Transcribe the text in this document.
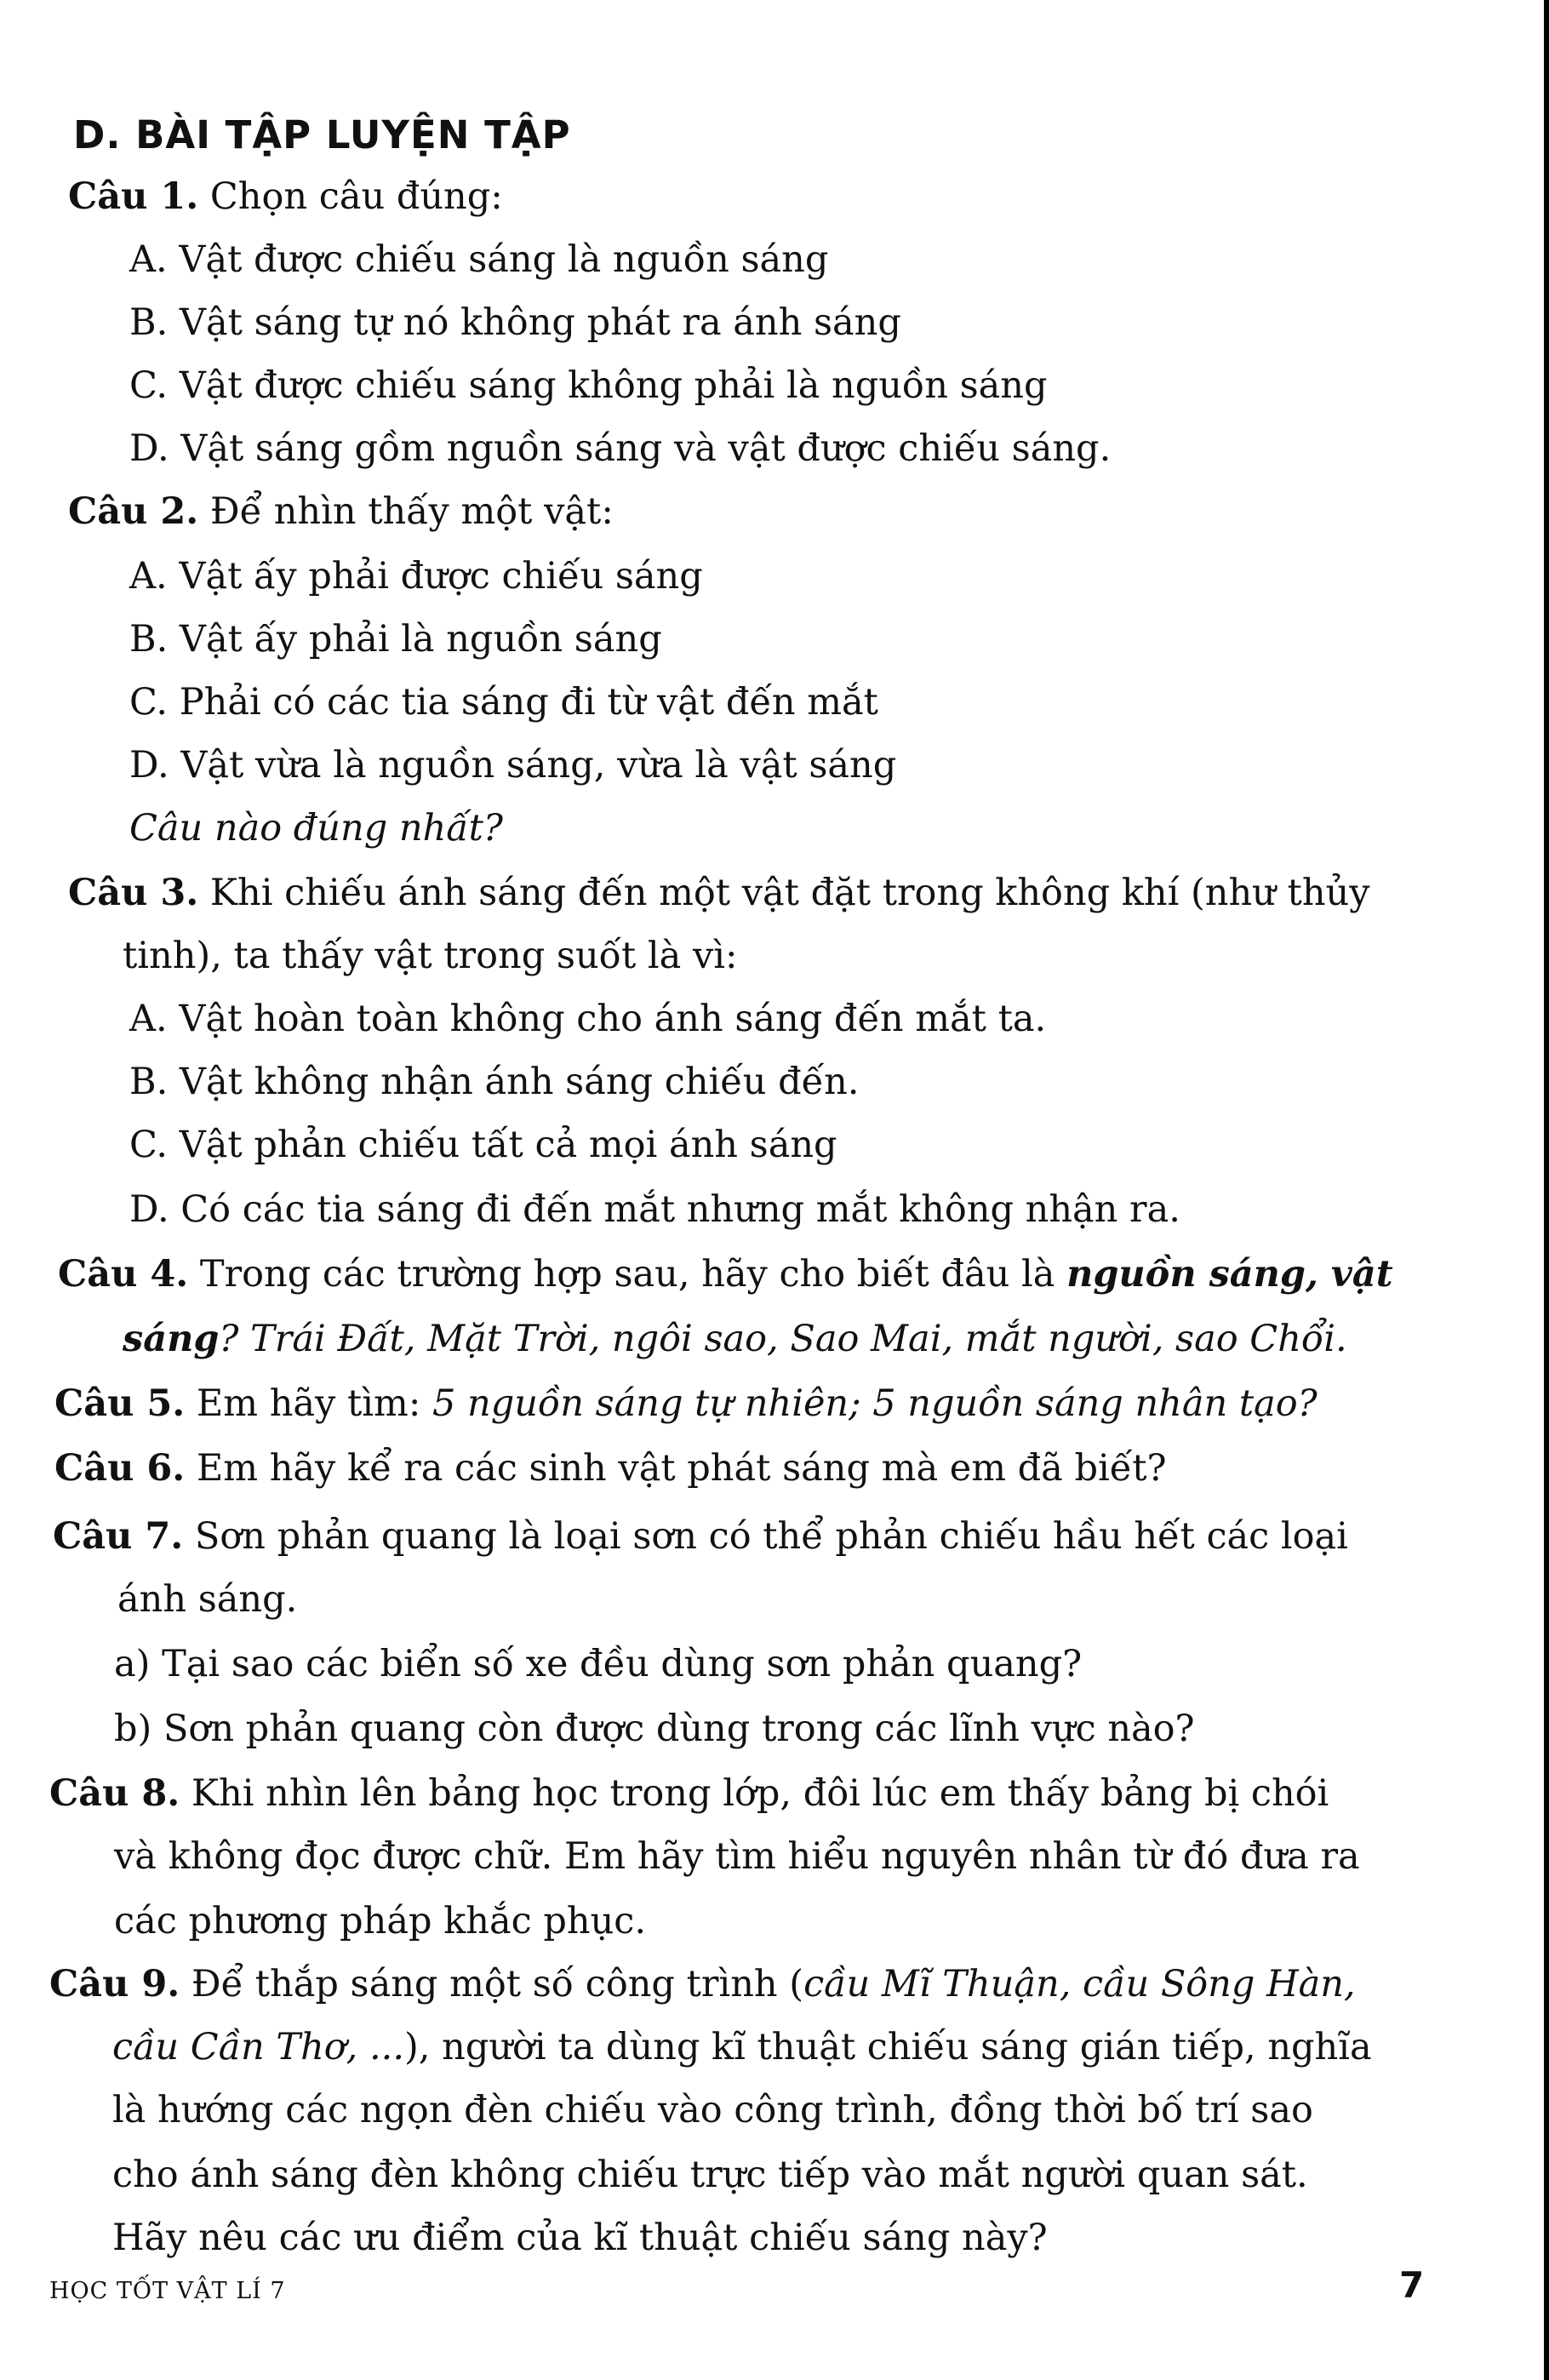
D. BÀI TẬP LUYỆN TẬP
Câu 1. Chọn câu đúng:
A. Vật được chiếu sáng là nguồn sáng
B. Vật sáng tự nó không phát ra ánh sáng
C. Vật được chiếu sáng không phải là nguồn sáng
D. Vật sáng gồm nguồn sáng và vật được chiếu sáng.
Câu 2. Để nhìn thấy một vật:
A. Vật ấy phải được chiếu sáng
B. Vật ấy phải là nguồn sáng
C. Phải có các tia sáng đi từ vật đến mắt
D. Vật vừa là nguồn sáng, vừa là vật sáng
Câu nào đúng nhất?
Câu 3. Khi chiếu ánh sáng đến một vật đặt trong không khí (như thủy
tinh), ta thấy vật trong suốt là vì:
A. Vật hoàn toàn không cho ánh sáng đến mắt ta.
B. Vật không nhận ánh sáng chiếu đến.
C. Vật phản chiếu tất cả mọi ánh sáng
D. Có các tia sáng đi đến mắt nhưng mắt không nhận ra.
Câu 4. Trong các trường hợp sau, hãy cho biết đâu là nguồn sáng, vật
sáng? Trái Đất, Mặt Trời, ngôi sao, Sao Mai, mắt người, sao Chổi.
Câu 5. Em hãy tìm: 5 nguồn sáng tự nhiên; 5 nguồn sáng nhân tạo?
Câu 6. Em hãy kể ra các sinh vật phát sáng mà em đã biết?
Câu 7. Sơn phản quang là loại sơn có thể phản chiếu hầu hết các loại
ánh sáng.
a) Tại sao các biển số xe đều dùng sơn phản quang?
b) Sơn phản quang còn được dùng trong các lĩnh vực nào?
Câu 8. Khi nhìn lên bảng học trong lớp, đôi lúc em thấy bảng bị chói
và không đọc được chữ. Em hãy tìm hiểu nguyên nhân từ đó đưa ra
các phương pháp khắc phục.
Câu 9. Để thắp sáng một số công trình (cầu Mĩ Thuận, cầu Sông Hàn,
cầu Cần Thơ, ...), người ta dùng kĩ thuật chiếu sáng gián tiếp, nghĩa
là hướng các ngọn đèn chiếu vào công trình, đồng thời bố trí sao
cho ánh sáng đèn không chiếu trực tiếp vào mắt người quan sát.
Hãy nêu các ưu điểm của kĩ thuật chiếu sáng này?
HỌC TỐT VẬT LÍ 7	7
